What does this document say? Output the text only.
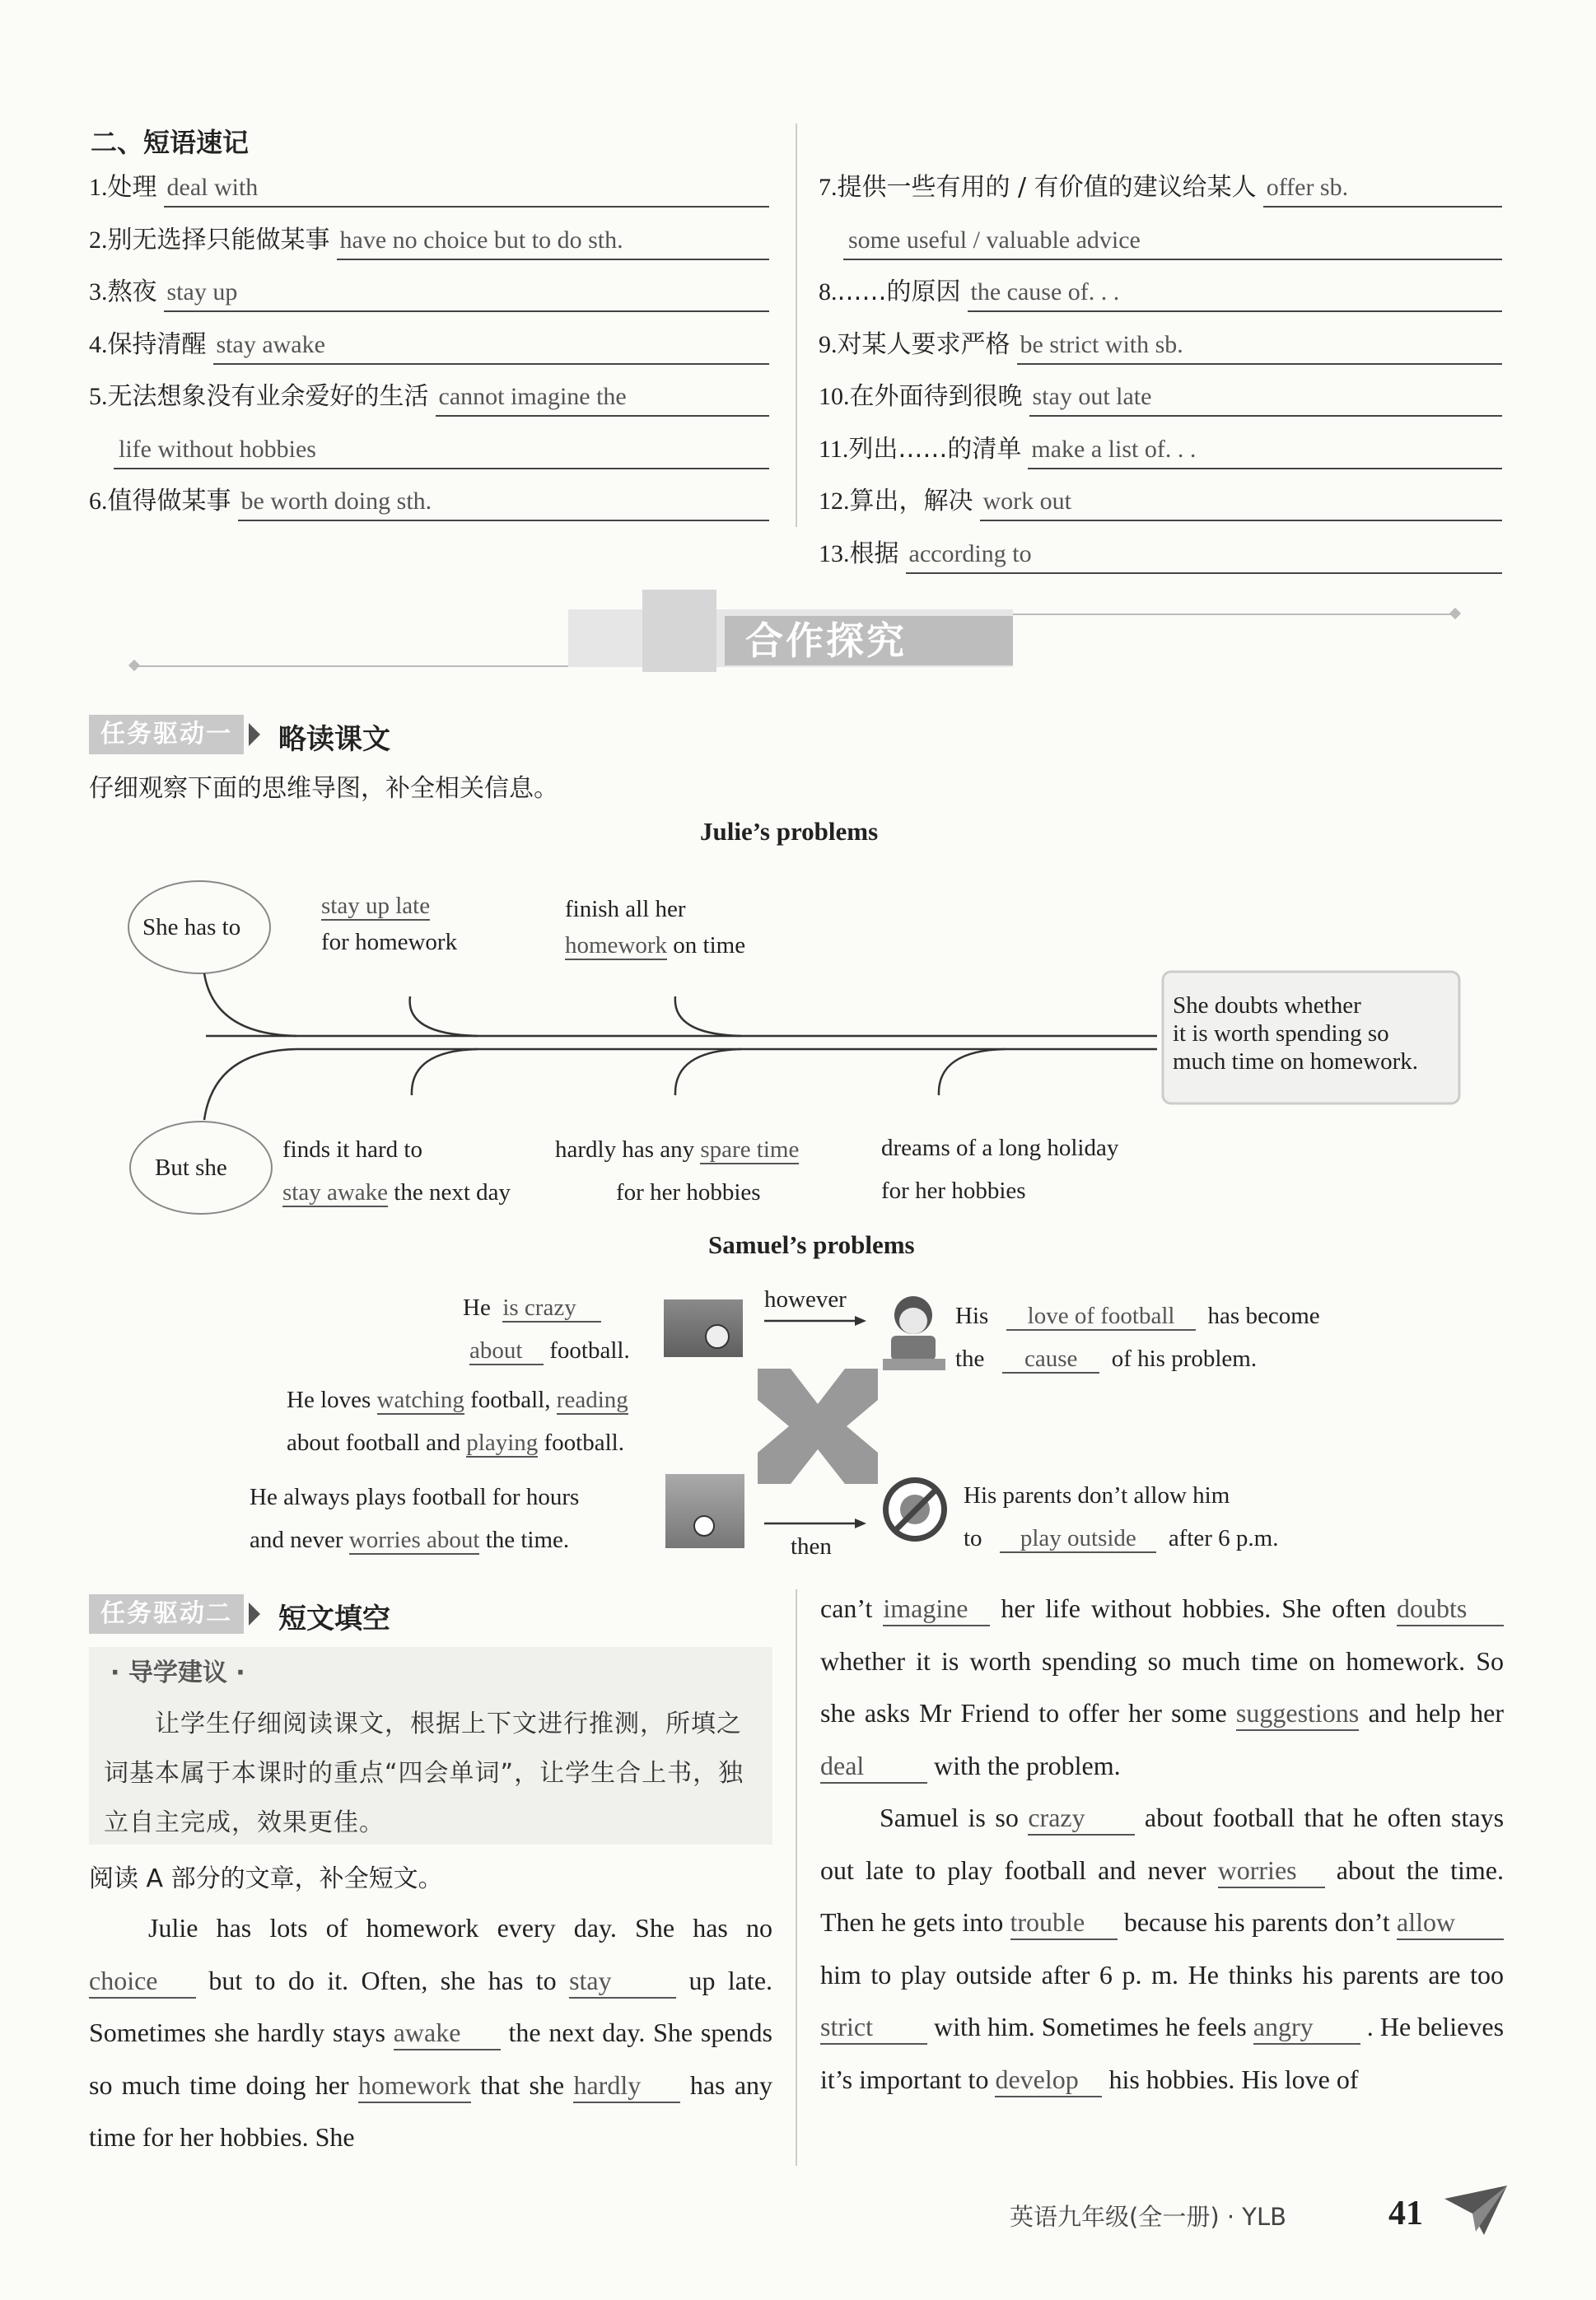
二、短语速记
1.处理 deal with
2.别无选择只能做某事 have no choice but to do sth.
3.熬夜 stay up
4.保持清醒 stay awake
5.无法想象没有业余爱好的生活 cannot imagine the
life without hobbies
6.值得做某事 be worth doing sth.
7.提供一些有用的 / 有价值的建议给某人 offer sb.
some useful / valuable advice
8.……的原因 the cause of. . .
9.对某人要求严格 be strict with sb.
10.在外面待到很晚 stay out late
11.列出……的清单 make a list of. . .
12.算出，解决 work out
13.根据 according to
合作探究
任务驱动一	略读课文
仔细观察下面的思维导图，补全相关信息。
Julie’s problems
She has to
But she
stay up late
for homework
finish all her
homework on time
She doubts whether
it is worth spending so
much time on homework.
finds it hard to
stay awake the next day
hardly has any spare time
for her hobbies
dreams of a long holiday
for her hobbies
Samuel’s problems
He is crazy
about football.
He loves watching football, reading
about football and playing football.
He always plays football for hours
and never worries about the time.
however
then
His love of football has become
the cause of his problem.
His parents don’t allow him
to play outside after 6 p.m.
任务驱动二	短文填空
· 导学建议 ·
让学生仔细阅读课文，根据上下文进行推测，所填之词基本属于本课时的重点“四会单词”，让学生合上书，独立自主完成，效果更佳。
阅读 A 部分的文章，补全短文。
Julie has lots of homework every day. She has no choice but to do it. Often, she has to stay	up late. Sometimes she hardly stays awake the next day. She spends so much time doing her homework that she hardly has any time for her hobbies. She
can’t imagine her life without hobbies. She often doubts whether it is worth spending so much time on homework. So she asks Mr Friend to offer her some suggestions and help her deal	with the problem.
Samuel is so crazy about football that he often stays out late to play football and never worries about the time. Then he gets into trouble because his parents don’t allow him to play outside after 6 p. m. He thinks his parents are too strict with him. Sometimes he feels angry . He believes it’s important to develop his hobbies. His love of
英语九年级(全一册) · YLB	41
